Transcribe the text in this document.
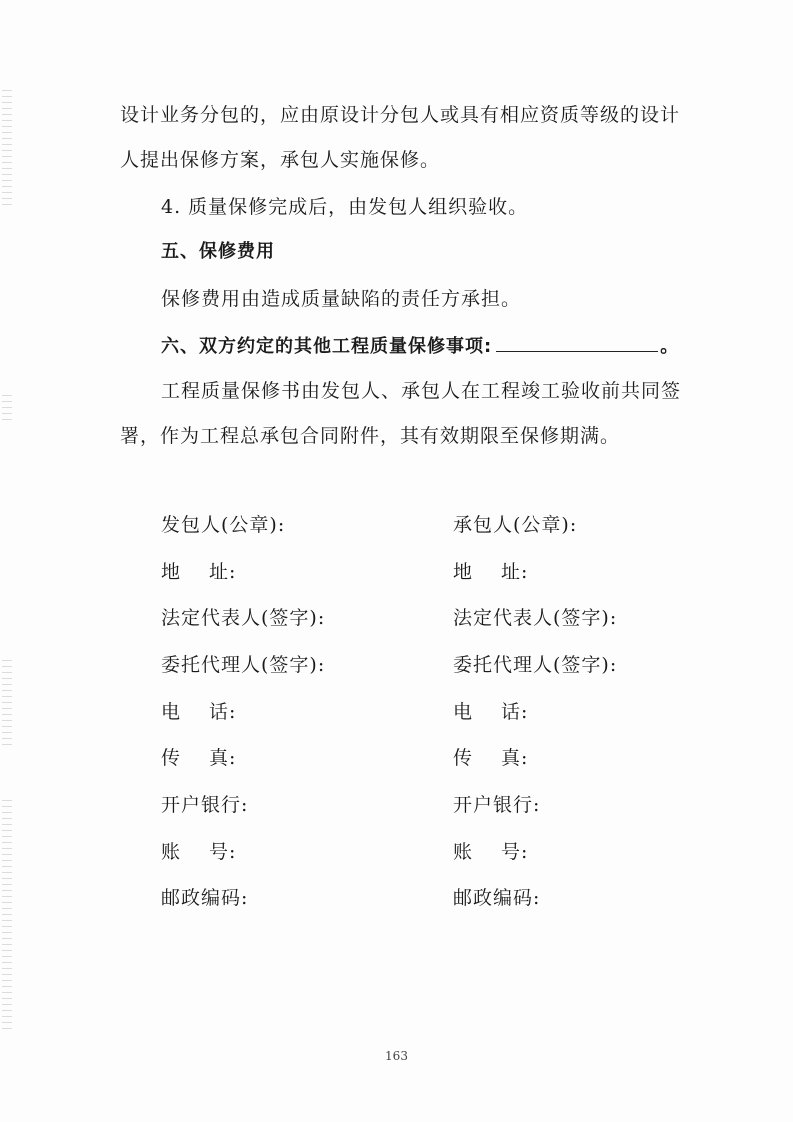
设计业务分包的，应由原设计分包人或具有相应资质等级的设计
人提出保修方案，承包人实施保修。
4. 质量保修完成后，由发包人组织验收。
五、保修费用
保修费用由造成质量缺陷的责任方承担。
六、双方约定的其他工程质量保修事项:	。
工程质量保修书由发包人、承包人在工程竣工验收前共同签
署，作为工程总承包合同附件，其有效期限至保修期满。
发包人(公章):	承包人(公章):
地 址:	地 址:
法定代表人(签字):	法定代表人(签字):
委托代理人(签字):	委托代理人(签字):
电 话:	电 话:
传 真:	传 真:
开户银行:	开户银行:
账 号:	账 号:
邮政编码:	邮政编码:
163
